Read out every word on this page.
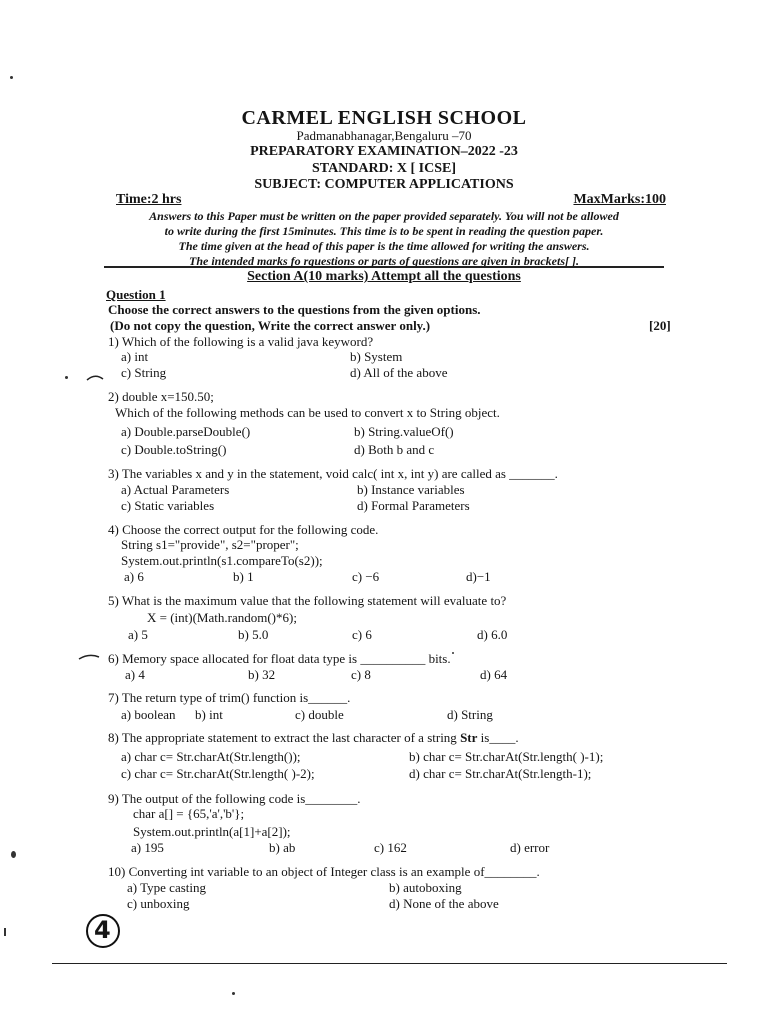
CARMEL ENGLISH SCHOOL
Padmanabhanagar,Bengaluru –70
PREPARATORY EXAMINATION–2022 -23
STANDARD: X [ ICSE]
SUBJECT: COMPUTER APPLICATIONS
Time:2 hrs	MaxMarks:100
Answers to this Paper must be written on the paper provided separately. You will not be allowed
to write during the first 15minutes. This time is to be spent in reading the question paper.
The time given at the head of this paper is the time allowed for writing the answers.
The intended marks fo rquestions or parts of questions are given in brackets[ ].
Section A(10 marks) Attempt all the questions
Question 1
Choose the correct answers to the questions from the given options.
(Do not copy the question, Write the correct answer only.)	[20]
1) Which of the following is a valid java keyword?
a) int	b) System
c) String	d) All of the above
2) double x=150.50;
Which of the following methods can be used to convert x to String object.
a) Double.parseDouble()	b) String.valueOf()
c) Double.toString()	d) Both b and c
3) The variables x and y in the statement, void calc( int x, int y) are called as _______.
a) Actual Parameters	b) Instance variables
c) Static variables	d) Formal Parameters
4) Choose the correct output for the following code.
String s1="provide", s2="proper";
System.out.println(s1.compareTo(s2));
a) 6	b) 1	c) −6	d)−1
5) What is the maximum value that the following statement will evaluate to?
X = (int)(Math.random()*6);
a) 5	b) 5.0	c) 6	d) 6.0
6) Memory space allocated for float data type is __________ bits.
a) 4	b) 32	c) 8	d) 64
7) The return type of trim() function is______.
a) boolean b) int	c) double	d) String
8) The appropriate statement to extract the last character of a string Str is____.
a) char c= Str.charAt(Str.length());	b) char c= Str.charAt(Str.length( )-1);
c) char c= Str.charAt(Str.length( )-2);	d) char c= Str.charAt(Str.length-1);
9) The output of the following code is________.
char a[] = {65,'a','b'};
System.out.println(a[1]+a[2]);
a) 195	b) ab	c) 162	d) error
10) Converting int variable to an object of Integer class is an example of________.
a) Type casting	b) autoboxing
c) unboxing	d) None of the above
4
